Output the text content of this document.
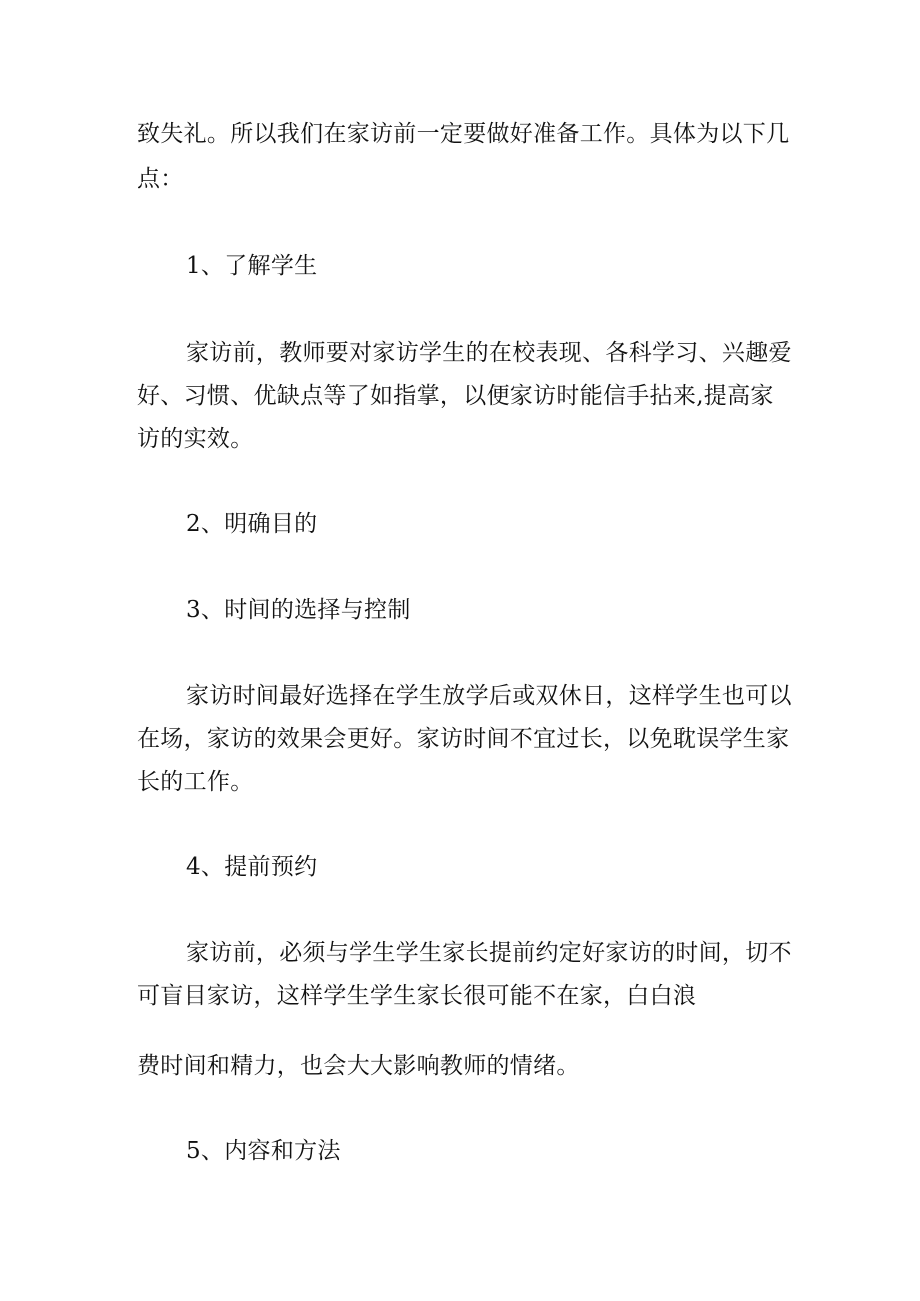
致失礼。所以我们在家访前一定要做好准备工作。具体为以下几
点：
1、了解学生
家访前，教师要对家访学生的在校表现、各科学习、兴趣爱
好、习惯、优缺点等了如指掌，以便家访时能信手拈来,提高家
访的实效。
2、明确目的
3、时间的选择与控制
家访时间最好选择在学生放学后或双休日，这样学生也可以
在场，家访的效果会更好。家访时间不宜过长，以免耽误学生家
长的工作。
4、提前预约
家访前，必须与学生学生家长提前约定好家访的时间，切不
可盲目家访，这样学生学生家长很可能不在家，白白浪
费时间和精力，也会大大影响教师的情绪。
5、内容和方法
